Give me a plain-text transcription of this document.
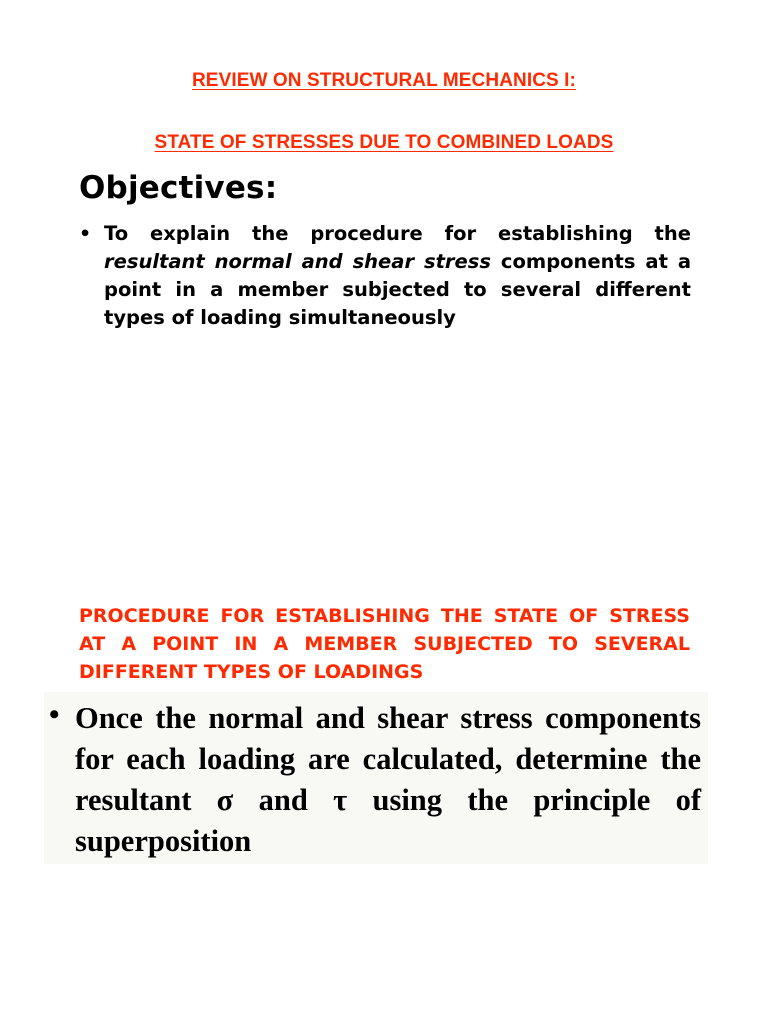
REVIEW ON STRUCTURAL MECHANICS I:
STATE OF STRESSES DUE TO COMBINED LOADS
Objectives:
• To explain the procedure for establishing the resultant normal and shear stress components at a point in a member subjected to several different types of loading simultaneously
PROCEDURE FOR ESTABLISHING THE STATE OF STRESS AT A POINT IN A MEMBER SUBJECTED TO SEVERAL DIFFERENT TYPES OF LOADINGS
• Once the normal and shear stress components for each loading are calculated, determine the resultant σ and τ using the principle of superposition
